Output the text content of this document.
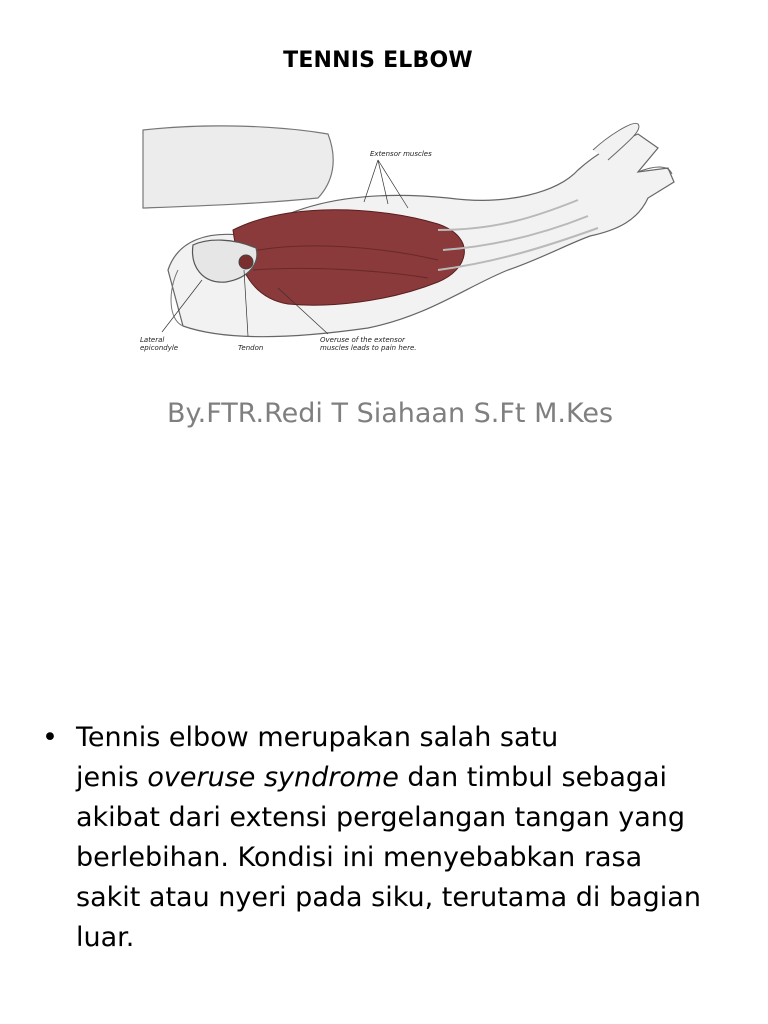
TENNIS ELBOW
Extensor muscles
Lateral
epicondyle	Tendon
Overuse of the extensor
muscles leads to pain here.
By.FTR.Redi T Siahaan S.Ft M.Kes
• Tennis elbow merupakan salah satu
jenis overuse syndrome dan timbul sebagai
akibat dari extensi pergelangan tangan yang
berlebihan. Kondisi ini menyebabkan rasa
sakit atau nyeri pada siku, terutama di bagian
luar.
